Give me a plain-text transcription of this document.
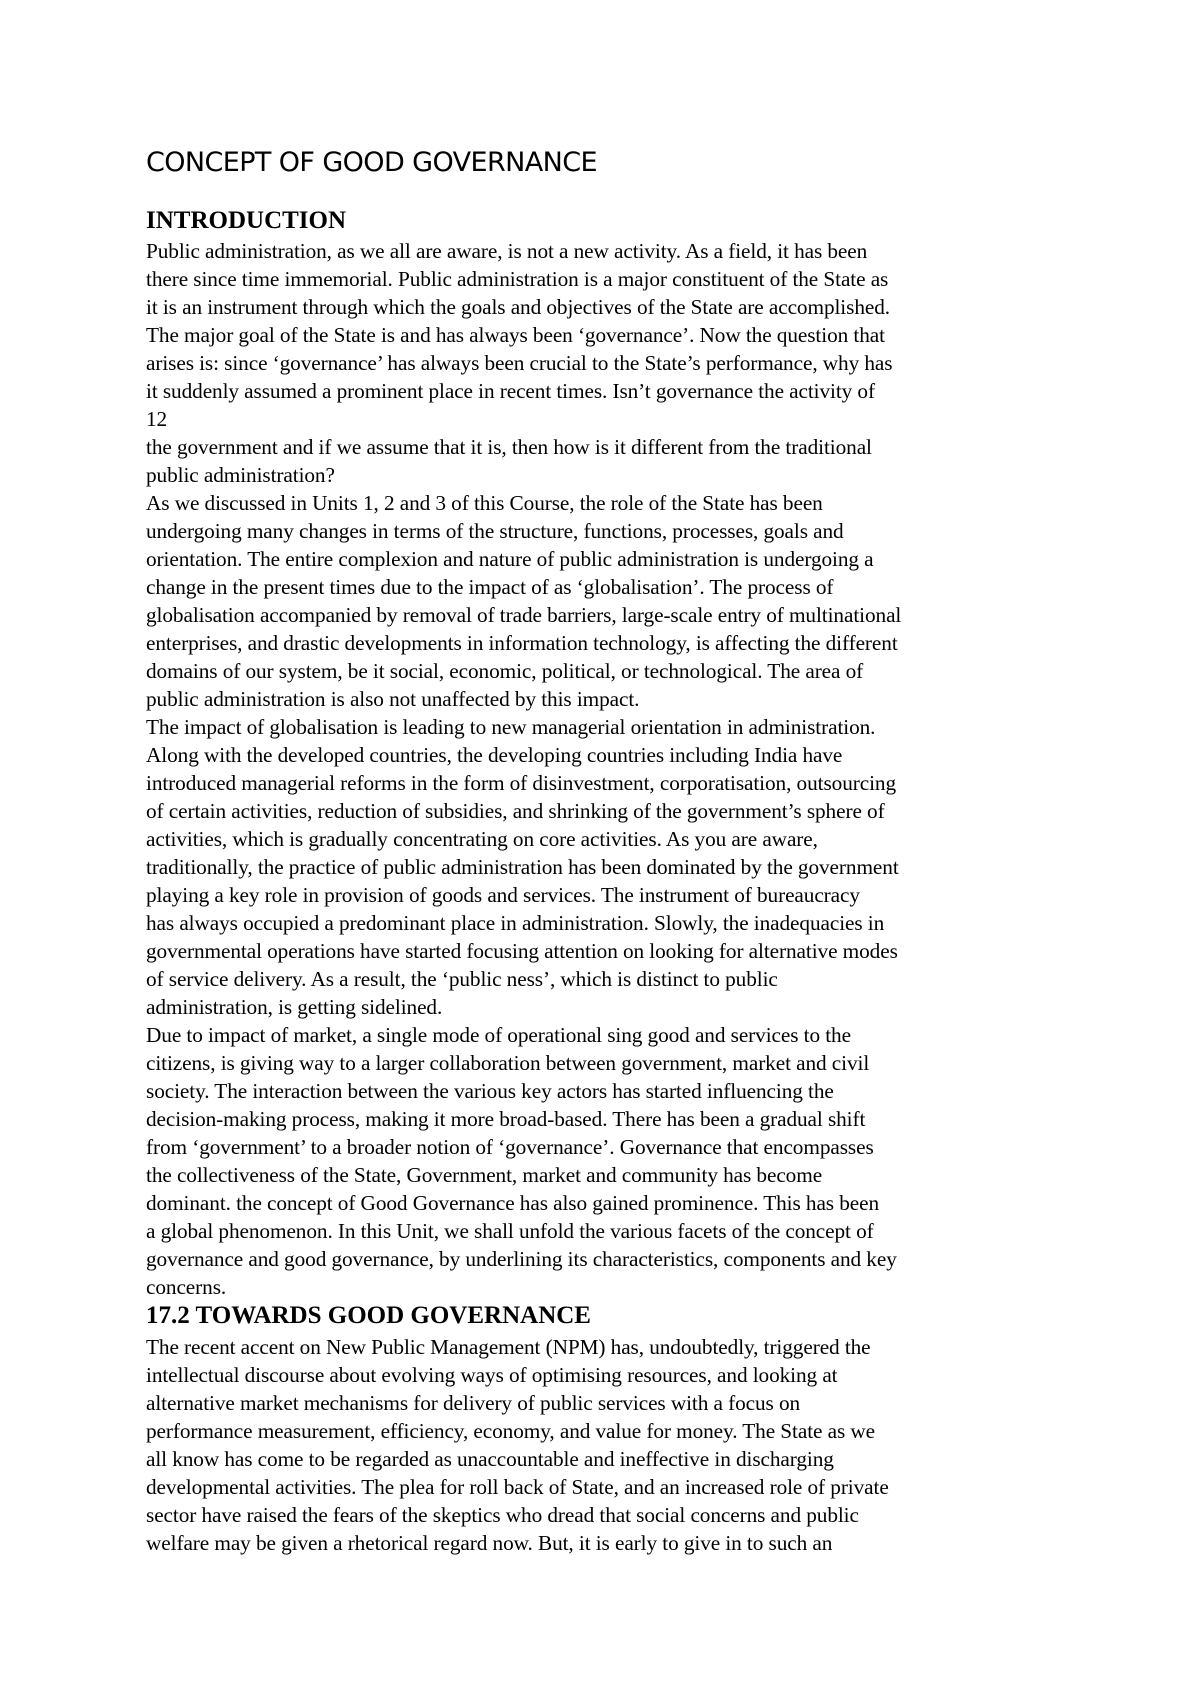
CONCEPT OF GOOD GOVERNANCE
INTRODUCTION
Public administration, as we all are aware, is not a new activity. As a field, it has been
there since time immemorial. Public administration is a major constituent of the State as
it is an instrument through which the goals and objectives of the State are accomplished.
The major goal of the State is and has always been ‘governance’. Now the question that
arises is: since ‘governance’ has always been crucial to the State’s performance, why has
it suddenly assumed a prominent place in recent times. Isn’t governance the activity of
12
the government and if we assume that it is, then how is it different from the traditional
public administration?
As we discussed in Units 1, 2 and 3 of this Course, the role of the State has been
undergoing many changes in terms of the structure, functions, processes, goals and
orientation. The entire complexion and nature of public administration is undergoing a
change in the present times due to the impact of as ‘globalisation’. The process of
globalisation accompanied by removal of trade barriers, large-scale entry of multinational
enterprises, and drastic developments in information technology, is affecting the different
domains of our system, be it social, economic, political, or technological. The area of
public administration is also not unaffected by this impact.
The impact of globalisation is leading to new managerial orientation in administration.
Along with the developed countries, the developing countries including India have
introduced managerial reforms in the form of disinvestment, corporatisation, outsourcing
of certain activities, reduction of subsidies, and shrinking of the government’s sphere of
activities, which is gradually concentrating on core activities. As you are aware,
traditionally, the practice of public administration has been dominated by the government
playing a key role in provision of goods and services. The instrument of bureaucracy
has always occupied a predominant place in administration. Slowly, the inadequacies in
governmental operations have started focusing attention on looking for alternative modes
of service delivery. As a result, the ‘public ness’, which is distinct to public
administration, is getting sidelined.
Due to impact of market, a single mode of operational sing good and services to the
citizens, is giving way to a larger collaboration between government, market and civil
society. The interaction between the various key actors has started influencing the
decision-making process, making it more broad-based. There has been a gradual shift
from ‘government’ to a broader notion of ‘governance’. Governance that encompasses
the collectiveness of the State, Government, market and community has become
dominant. the concept of Good Governance has also gained prominence. This has been
a global phenomenon. In this Unit, we shall unfold the various facets of the concept of
governance and good governance, by underlining its characteristics, components and key
concerns.
17.2 TOWARDS GOOD GOVERNANCE
The recent accent on New Public Management (NPM) has, undoubtedly, triggered the
intellectual discourse about evolving ways of optimising resources, and looking at
alternative market mechanisms for delivery of public services with a focus on
performance measurement, efficiency, economy, and value for money. The State as we
all know has come to be regarded as unaccountable and ineffective in discharging
developmental activities. The plea for roll back of State, and an increased role of private
sector have raised the fears of the skeptics who dread that social concerns and public
welfare may be given a rhetorical regard now. But, it is early to give in to such an
